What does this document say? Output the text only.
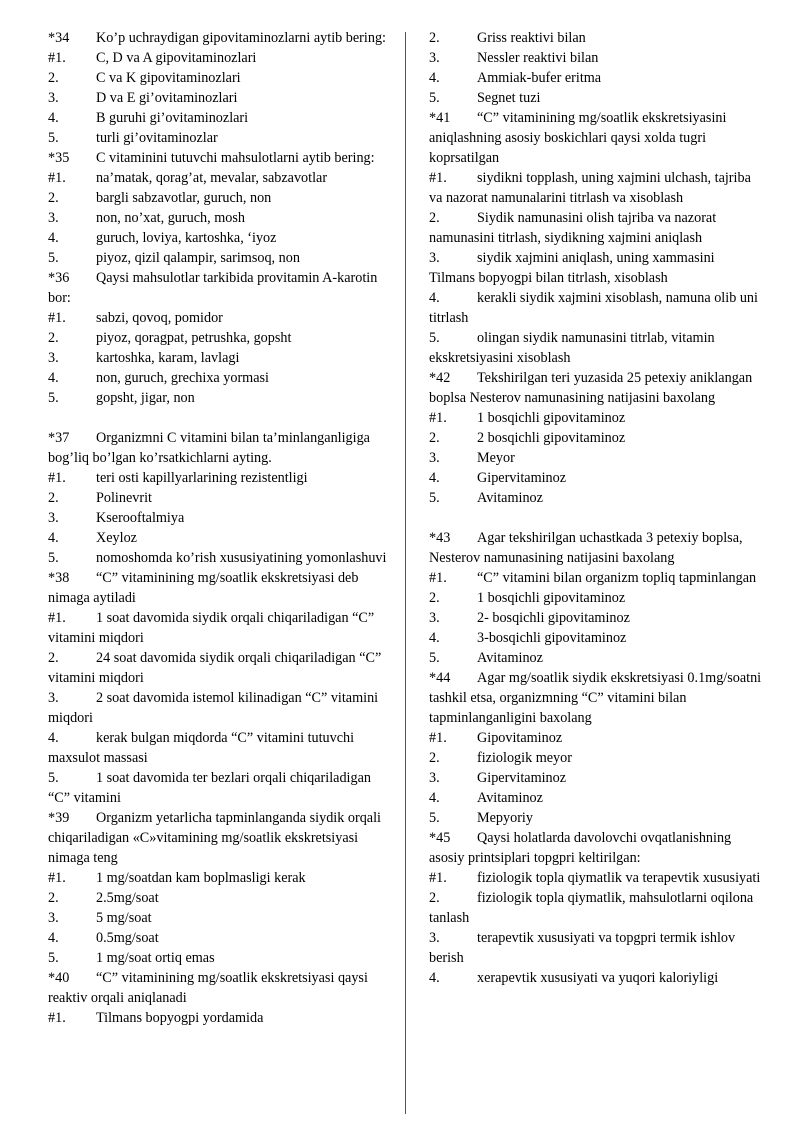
*34 Ko’p uchraydigan gipovitaminozlarni aytib bering:

#1. C, D va A gipovitaminozlari

2.	C va K gipovitaminozlari

3.	D va E gi’ovitaminozlari

4.	B guruhi gi’ovitaminozlari

5.	turli gi’ovitaminozlar

*35 C vitaminini tutuvchi mahsulotlarni aytib bering:

#1. na’matak, qorag’at, mevalar, sabzavotlar

2.	bargli sabzavotlar, guruch, non

3.	non, no’xat, guruch, mosh

4.	guruch, loviya, kartoshka, ‘iyoz

5.	piyoz, qizil qalampir, sarimsoq, non

*36 Qaysi mahsulotlar tarkibida provitamin A-karotin bor:

#1. sabzi, qovoq, pomidor

2.	piyoz, qoragpat, petrushka, gopsht

3.	kartoshka, karam, lavlagi

4.	non, guruch, grechixa yormasi

5.	gopsht, jigar, non

*37 Organizmni C vitamini bilan ta’minlanganligiga bog’liq bo’lgan ko’rsatkichlarni ayting.

#1. teri osti kapillyarlarining rezistentligi

2.	Polinevrit

3.	Kserooftalmiya

4.	Xeyloz

5.	nomoshomda ko’rish xususiyatining yomonlashuvi

*38 “C” vitaminining mg/soatlik ekskretsiyasi deb nimaga aytiladi

#1. 1 soat davomida siydik orqali chiqariladigan “C” vitamini miqdori

2.	24 soat davomida siydik orqali chiqariladigan “C” vitamini miqdori

3.	2 soat davomida istemol kilinadigan “C” vitamini miqdori

4.	kerak bulgan miqdorda “C” vitamini tutuvchi maxsulot massasi

5.	1 soat davomida ter bezlari orqali chiqariladigan “C” vitamini

*39 Organizm yetarlicha tapminlanganda siydik orqali chiqariladigan «C»vitamining mg/soatlik ekskretsiyasi nimaga teng

#1. 1 mg/soatdan kam boplmasligi kerak

2.	2.5mg/soat

3.	5 mg/soat

4.	0.5mg/soat

5.	1 mg/soat ortiq emas

*40 “C” vitaminining mg/soatlik ekskretsiyasi qaysi reaktiv orqali aniqlanadi

#1. Tilmans bopyogpi yordamida

2.	Griss reaktivi bilan

3.	Nessler reaktivi bilan

4.	Ammiak-bufer eritma

5.	Segnet tuzi

*41 “C” vitaminining mg/soatlik ekskretsiyasini aniqlashning asosiy boskichlari qaysi xolda tugri koprsatilgan

#1. siydikni topplash, uning xajmini ulchash, tajriba va nazorat namunalarini titrlash va xisoblash

2.	Siydik namunasini olish tajriba va nazorat namunasini titrlash, siydikning xajmini aniqlash

3.	siydik xajmini aniqlash, uning xammasini Tilmans bopyogpi bilan titrlash, xisoblash

4.	kerakli siydik xajmini xisoblash, namuna olib uni titrlash

5.	olingan siydik namunasini titrlab, vitamin ekskretsiyasini xisoblash

*42 Tekshirilgan teri yuzasida 25 petexiy aniklangan boplsa Nesterov namunasining natijasini baxolang

#1. 1 bosqichli gipovitaminoz

2.	2 bosqichli gipovitaminoz

3.	Meyor

4.	Gipervitaminoz

5.	Avitaminoz

*43 Agar tekshirilgan uchastkada 3 petexiy boplsa, Nesterov namunasining natijasini baxolang

#1. “C” vitamini bilan organizm topliq tapminlangan

2.	1 bosqichli gipovitaminoz

3.	2- bosqichli gipovitaminoz

4.	3-bosqichli gipovitaminoz

5.	Avitaminoz

*44 Agar mg/soatlik siydik ekskretsiyasi 0.1mg/soatni tashkil etsa, organizmning “C” vitamini bilan tapminlanganligini baxolang

#1. Gipovitaminoz

2.	fiziologik meyor

3.	Gipervitaminoz

4.	Avitaminoz

5.	Mepyoriy

*45 Qaysi holatlarda davolovchi ovqatlanishning asosiy printsiplari topgpri keltirilgan:

#1. fiziologik topla qiymatlik va terapevtik xususiyati

2.	fiziologik topla qiymatlik, mahsulotlarni oqilona tanlash

3.	terapevtik xususiyati va topgpri termik ishlov berish

4.	xerapevtik xususiyati va yuqori kaloriyligi
